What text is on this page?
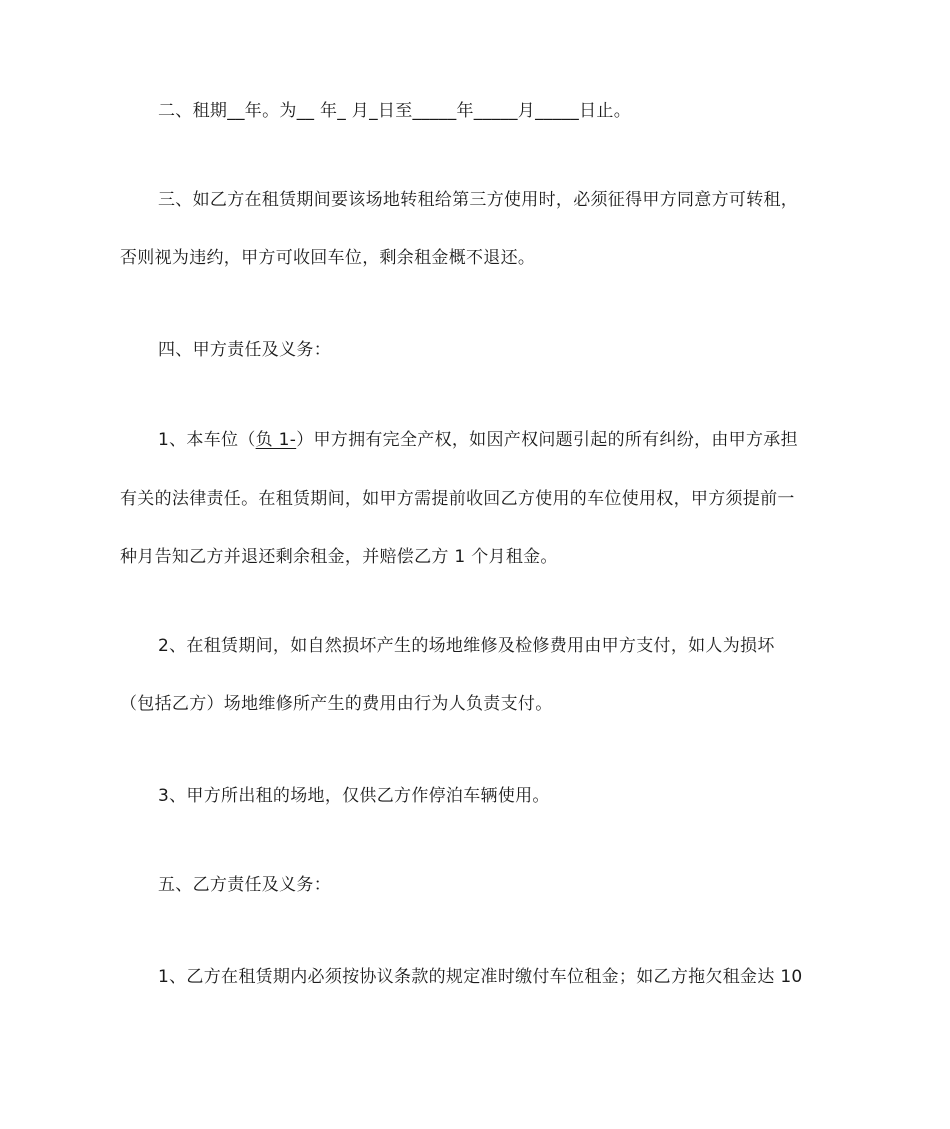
二、租期__年。为__ 年_ 月_日至_____年_____月_____日止。
三、如乙方在租赁期间要该场地转租给第三方使用时，必须征得甲方同意方可转租，
否则视为违约，甲方可收回车位，剩余租金概不退还。
四、甲方责任及义务：
1、本车位（负 1-）甲方拥有完全产权，如因产权问题引起的所有纠纷，由甲方承担
有关的法律责任。在租赁期间，如甲方需提前收回乙方使用的车位使用权，甲方须提前一
种月告知乙方并退还剩余租金，并赔偿乙方 1 个月租金。
2、在租赁期间，如自然损坏产生的场地维修及检修费用由甲方支付，如人为损坏
（包括乙方）场地维修所产生的费用由行为人负责支付。
3、甲方所出租的场地，仅供乙方作停泊车辆使用。
五、乙方责任及义务：
1、乙方在租赁期内必须按协议条款的规定准时缴付车位租金；如乙方拖欠租金达 10
